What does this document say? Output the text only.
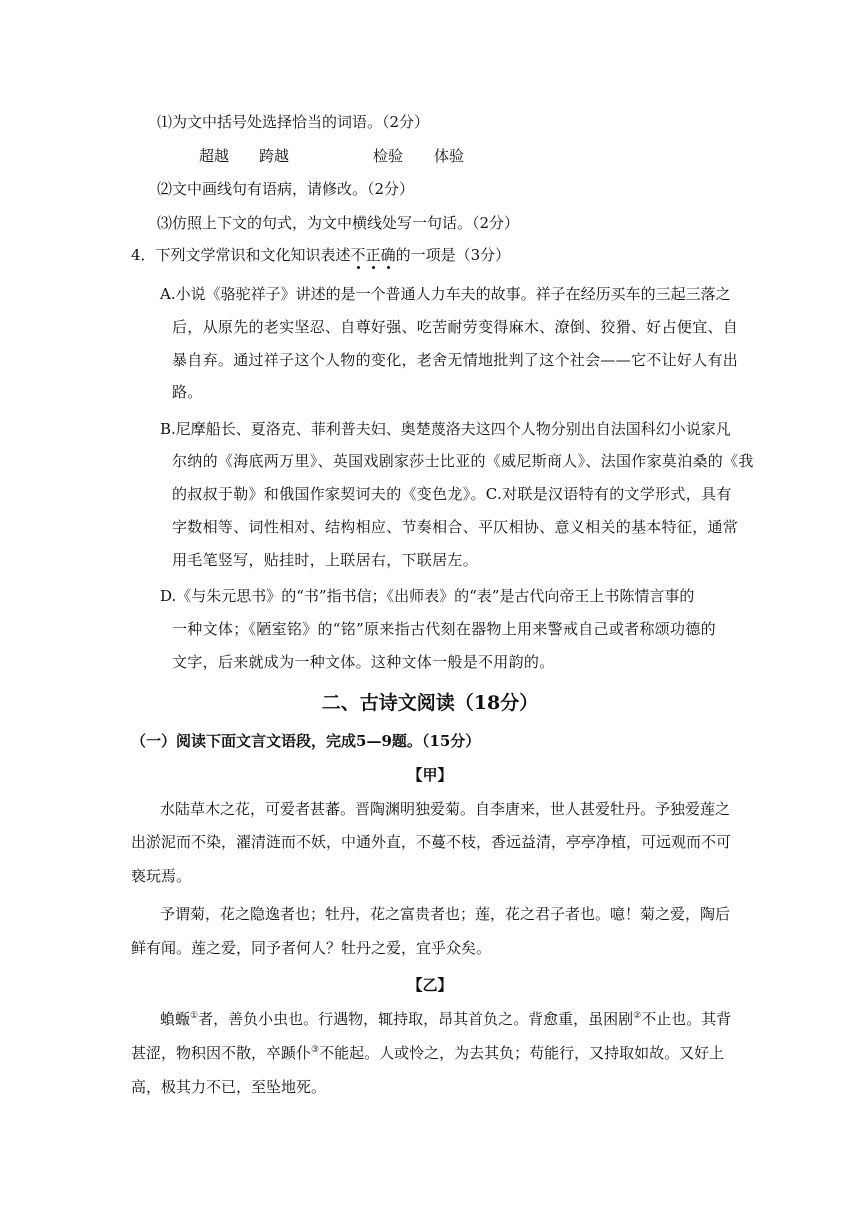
⑴为文中括号处选择恰当的词语。（2分）
超越 跨越	检验 体验
⑵文中画线句有语病，请修改。（2分）
⑶仿照上下文的句式，为文中横线处写一句话。（2分）
4．下列文学常识和文化知识表述不正确的一项是（3分）
A.小说《骆驼祥子》讲述的是一个普通人力车夫的故事。祥子在经历买车的三起三落之
后，从原先的老实坚忍、自尊好强、吃苦耐劳变得麻木、潦倒、狡猾、好占便宜、自
暴自弃。通过祥子这个人物的变化，老舍无情地批判了这个社会——它不让好人有出
路。
B.尼摩船长、夏洛克、菲利普夫妇、奥楚蔑洛夫这四个人物分别出自法国科幻小说家凡
尔纳的《海底两万里》、英国戏剧家莎士比亚的《威尼斯商人》、法国作家莫泊桑的《我
的叔叔于勒》和俄国作家契诃夫的《变色龙》。C.对联是汉语特有的文学形式，具有
字数相等、词性相对、结构相应、节奏相合、平仄相协、意义相关的基本特征，通常
用毛笔竖写，贴挂时，上联居右，下联居左。
D.《与朱元思书》的“书”指书信；《出师表》的“表”是古代向帝王上书陈情言事的
一种文体；《陋室铭》的“铭”原来指古代刻在器物上用来警戒自己或者称颂功德的
文字，后来就成为一种文体。这种文体一般是不用韵的。
二、古诗文阅读（18分）
（一）阅读下面文言文语段，完成5—9题。（15分）
【甲】
水陆草木之花，可爱者甚蕃。晋陶渊明独爱菊。自李唐来，世人甚爱牡丹。予独爱莲之
出淤泥而不染，濯清涟而不妖，中通外直，不蔓不枝，香远益清，亭亭净植，可远观而不可
亵玩焉。
予谓菊，花之隐逸者也；牡丹，花之富贵者也；莲，花之君子者也。噫！菊之爱，陶后
鲜有闻。莲之爱，同予者何人？牡丹之爱，宜乎众矣。
【乙】
蝜蝂①者，善负小虫也。行遇物，辄持取，昂其首负之。背愈重，虽困剧②不止也。其背
甚涩，物积因不散，卒踬仆③不能起。人或怜之，为去其负；苟能行，又持取如故。又好上
高，极其力不已，至坠地死。
